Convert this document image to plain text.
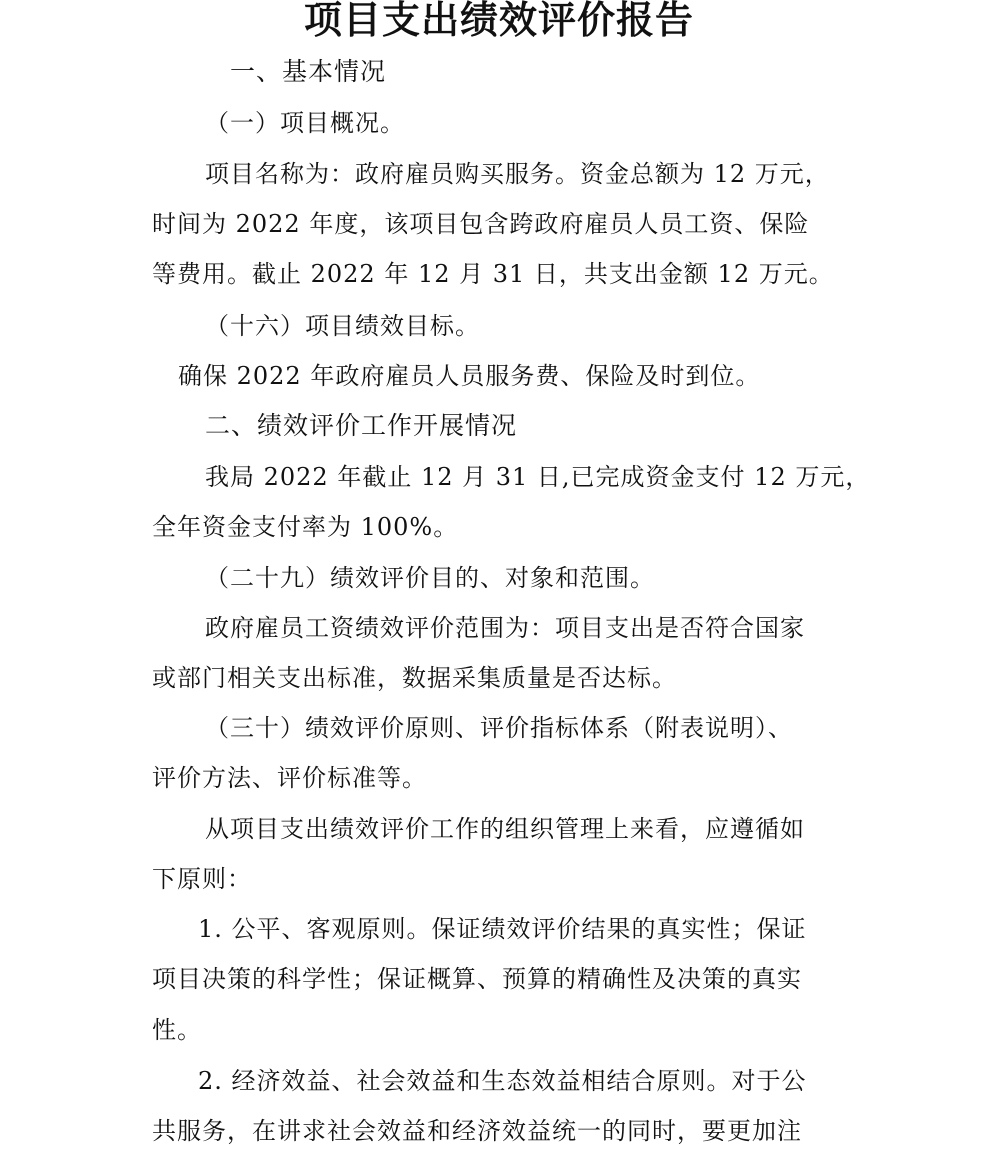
项目支出绩效评价报告

一、基本情况

（一）项目概况。

项目名称为：政府雇员购买服务。资金总额为 12 万元，

时间为 2022 年度，该项目包含跨政府雇员人员工资、保险

等费用。截止 2022 年 12 月 31 日，共支出金额 12 万元。

（十六）项目绩效目标。

确保 2022 年政府雇员人员服务费、保险及时到位。

二、绩效评价工作开展情况

我局 2022 年截止 12 月 31 日,已完成资金支付 12 万元，

全年资金支付率为 100%。

（二十九）绩效评价目的、对象和范围。

政府雇员工资绩效评价范围为：项目支出是否符合国家

或部门相关支出标准，数据采集质量是否达标。

（三十）绩效评价原则、评价指标体系（附表说明）、

评价方法、评价标准等。

从项目支出绩效评价工作的组织管理上来看，应遵循如

下原则：

1. 公平、客观原则。保证绩效评价结果的真实性；保证

项目决策的科学性；保证概算、预算的精确性及决策的真实

性。

2. 经济效益、社会效益和生态效益相结合原则。对于公

共服务，在讲求社会效益和经济效益统一的同时，要更加注
